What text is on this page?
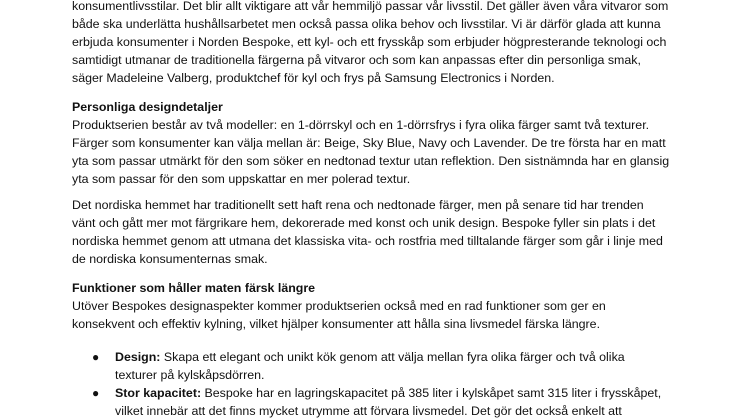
konsumentlivsstilar. Det blir allt viktigare att vår hemmiljö passar vår livsstil. Det gäller även våra vitvaror som
både ska underlätta hushållsarbetet men också passa olika behov och livsstilar. Vi är därför glada att kunna
erbjuda konsumenter i Norden Bespoke, ett kyl- och ett frysskåp som erbjuder högpresterande teknologi och
samtidigt utmanar de traditionella färgerna på vitvaror och som kan anpassas efter din personliga smak,
säger Madeleine Valberg, produktchef för kyl och frys på Samsung Electronics i Norden.
Personliga designdetaljer
Produktserien består av två modeller: en 1-dörrskyl och en 1-dörrsfrys i fyra olika färger samt två texturer.
Färger som konsumenter kan välja mellan är: Beige, Sky Blue, Navy och Lavender. De tre första har en matt
yta som passar utmärkt för den som söker en nedtonad textur utan reflektion. Den sistnämnda har en glansig
yta som passar för den som uppskattar en mer polerad textur.
Det nordiska hemmet har traditionellt sett haft rena och nedtonade färger, men på senare tid har trenden
vänt och gått mer mot färgrikare hem, dekorerade med konst och unik design. Bespoke fyller sin plats i det
nordiska hemmet genom att utmana det klassiska vita- och rostfria med tilltalande färger som går i linje med
de nordiska konsumenternas smak.
Funktioner som håller maten färsk längre
Utöver Bespokes designaspekter kommer produktserien också med en rad funktioner som ger en
konsekvent och effektiv kylning, vilket hjälper konsumenter att hålla sina livsmedel färska längre.
● Design: Skapa ett elegant och unikt kök genom att välja mellan fyra olika färger och två olika
texturer på kylskåpsdörren.
● Stor kapacitet: Bespoke har en lagringskapacitet på 385 liter i kylskåpet samt 315 liter i frysskåpet,
vilket innebär att det finns mycket utrymme att förvara livsmedel. Det gör det också enkelt att
